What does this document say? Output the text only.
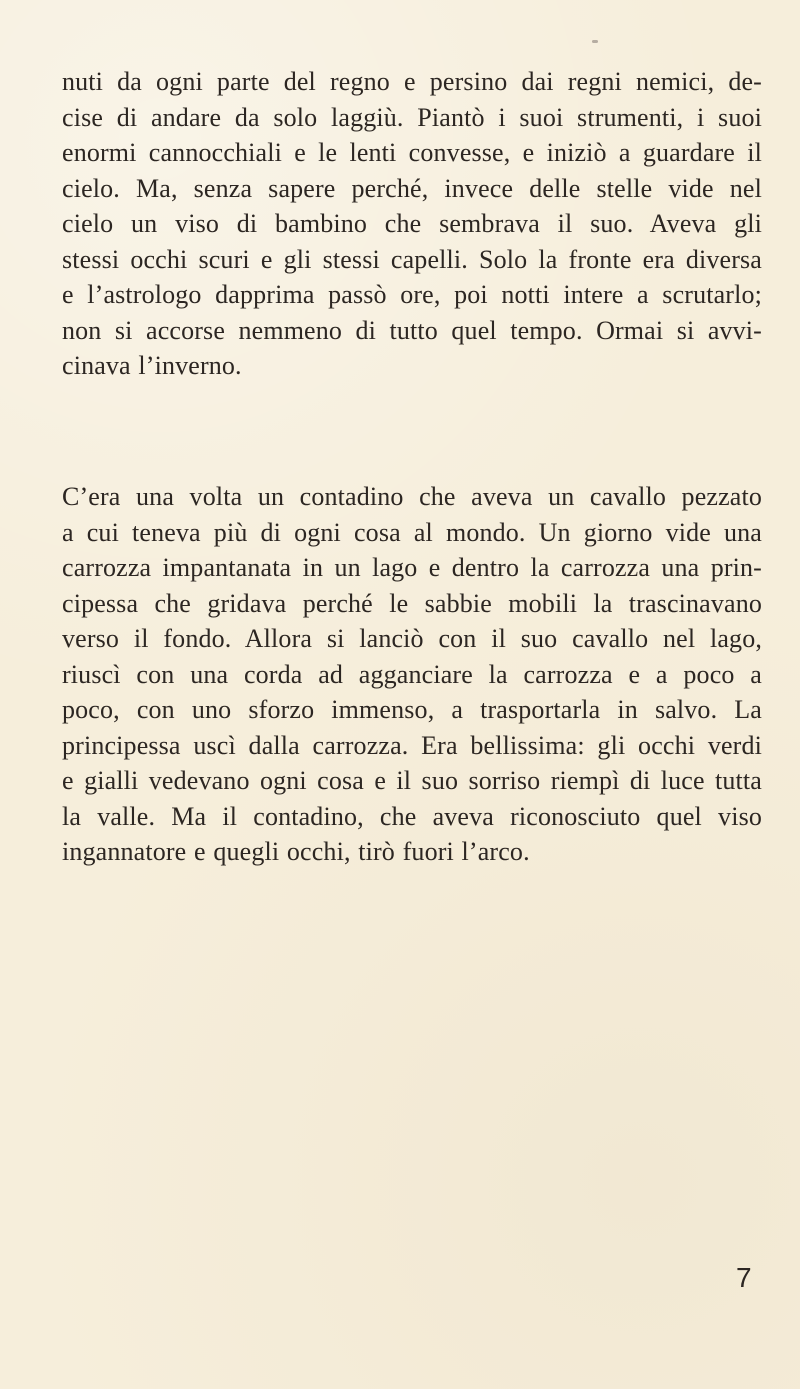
nuti da ogni parte del regno e persino dai regni nemici, de-
cise di andare da solo laggiù. Piantò i suoi strumenti, i suoi
enormi cannocchiali e le lenti convesse, e iniziò a guardare il
cielo. Ma, senza sapere perché, invece delle stelle vide nel
cielo un viso di bambino che sembrava il suo. Aveva gli
stessi occhi scuri e gli stessi capelli. Solo la fronte era diversa
e l’astrologo dapprima passò ore, poi notti intere a scrutarlo;
non si accorse nemmeno di tutto quel tempo. Ormai si avvi-
cinava l’inverno.

C’era una volta un contadino che aveva un cavallo pezzato
a cui teneva più di ogni cosa al mondo. Un giorno vide una
carrozza impantanata in un lago e dentro la carrozza una prin-
cipessa che gridava perché le sabbie mobili la trascinavano
verso il fondo. Allora si lanciò con il suo cavallo nel lago,
riuscì con una corda ad agganciare la carrozza e a poco a
poco, con uno sforzo immenso, a trasportarla in salvo. La
principessa uscì dalla carrozza. Era bellissima: gli occhi verdi
e gialli vedevano ogni cosa e il suo sorriso riempì di luce tutta
la valle. Ma il contadino, che aveva riconosciuto quel viso
ingannatore e quegli occhi, tirò fuori l’arco.

7
